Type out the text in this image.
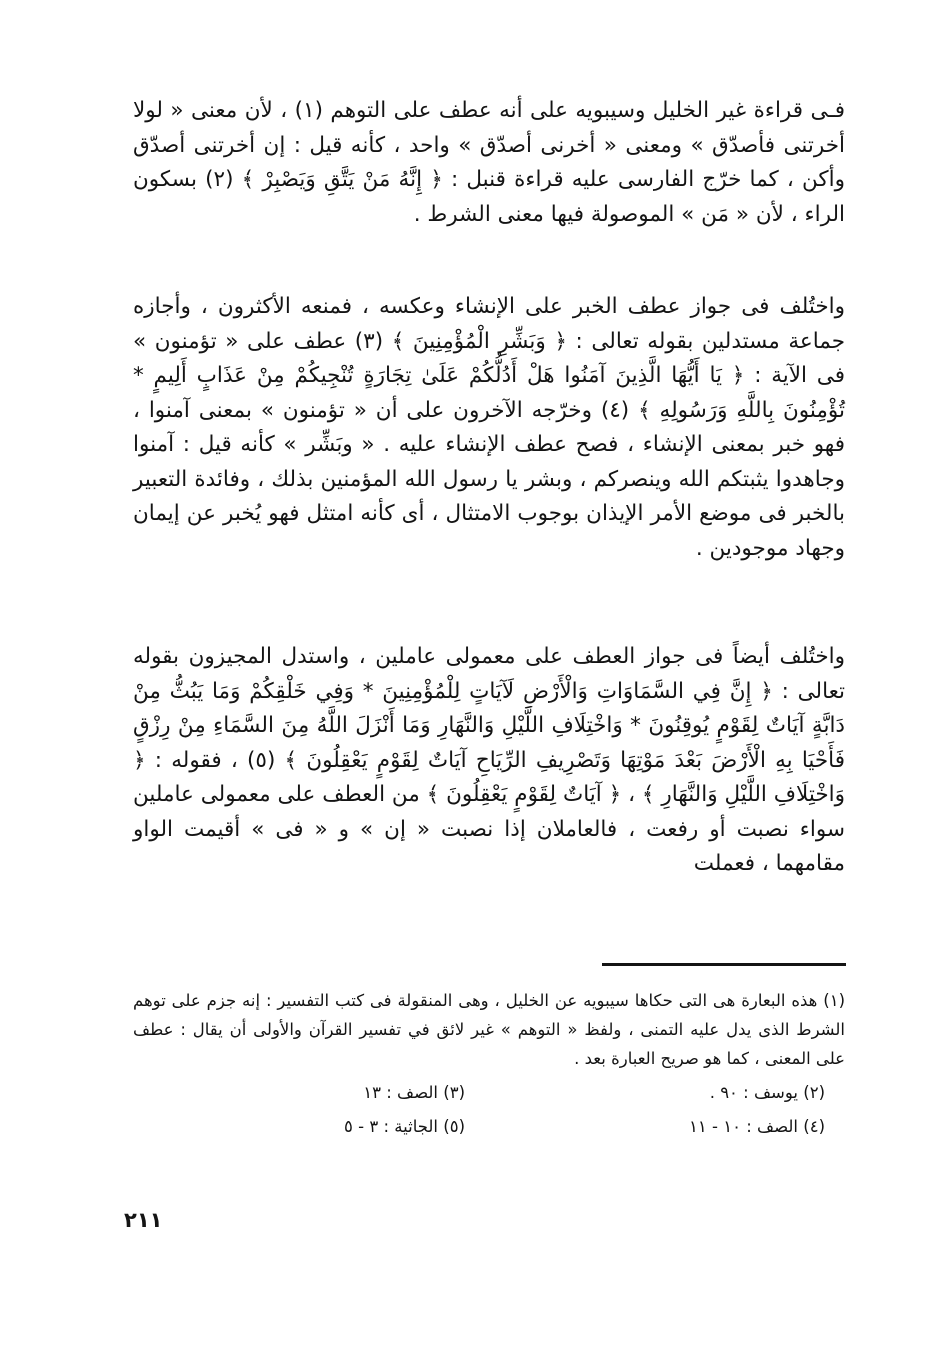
فـى قراءة غير الخليل وسيبويه على أنه عطف على التوهم (١) ، لأن معنى « لولا أخرتنى فأصدّق » ومعنى « أخرنى أصدّق » واحد ، كأنه قيل : إن أخرتنى أصدّق وأكن ، كما خرّج الفارسى عليه قراءة قنبل : ﴿ إِنَّهُ مَنْ يَتَّقِ وَيَصْبِرْ ﴾ (٢) بسكون الراء ، لأن « مَن » الموصولة فيها معنى الشرط .

واختُلف فى جواز عطف الخبر على الإنشاء وعكسه ، فمنعه الأكثرون ، وأجازه جماعة مستدلين بقوله تعالى : ﴿ وَبَشِّرِ الْمُؤْمِنِينَ ﴾ (٣) عطف على « تؤمنون » فى الآية : ﴿ يَا أَيُّهَا الَّذِينَ آمَنُوا هَلْ أَدُلُّكُمْ عَلَىٰ تِجَارَةٍ تُنْجِيكُمْ مِنْ عَذَابٍ أَلِيمٍ * تُؤْمِنُونَ بِاللَّهِ وَرَسُولِهِ ﴾ (٤) وخرّجه الآخرون على أن « تؤمنون » بمعنى آمنوا ، فهو خبر بمعنى الإنشاء ، فصح عطف الإنشاء عليه . « وبَشِّر » كأنه قيل : آمنوا وجاهدوا يثبتكم الله وينصركم ، وبشر يا رسول الله المؤمنين بذلك ، وفائدة التعبير بالخبر فى موضع الأمر الإيذان بوجوب الامتثال ، أى كأنه امتثل فهو يُخبر عن إيمان وجهاد موجودين .

واختُلف أيضاً فى جواز العطف على معمولى عاملين ، واستدل المجيزون بقوله تعالى : ﴿ إِنَّ فِي السَّمَاوَاتِ وَالْأَرْضِ لَآيَاتٍ لِلْمُؤْمِنِينَ * وَفِي خَلْقِكُمْ وَمَا يَبُثُّ مِنْ دَابَّةٍ آيَاتٌ لِقَوْمٍ يُوقِنُونَ * وَاخْتِلَافِ اللَّيْلِ وَالنَّهَارِ وَمَا أَنْزَلَ اللَّهُ مِنَ السَّمَاءِ مِنْ رِزْقٍ فَأَحْيَا بِهِ الْأَرْضَ بَعْدَ مَوْتِهَا وَتَصْرِيفِ الرِّيَاحِ آيَاتٌ لِقَوْمٍ يَعْقِلُونَ ﴾ (٥) ، فقوله : ﴿ وَاخْتِلَافِ اللَّيْلِ وَالنَّهَارِ ﴾ ، ﴿ آيَاتٌ لِقَوْمٍ يَعْقِلُونَ ﴾ من العطف على معمولى عاملين سواء نصبت أو رفعت ، فالعاملان إذا نصبت « إن » و « فى » أقيمت الواو مقامهما ، فعملت

(١) هذه البعارة هى التى حكاها سيبويه عن الخليل ، وهى المنقولة فى كتب التفسير : إنه جزم على توهم الشرط الذى يدل عليه التمنى ، ولفظ « التوهم » غير لائق في تفسير القرآن والأولى أن يقال : عطف على المعنى ، كما هو صريح العبارة بعد .

(٢) يوسف : ٩٠ .
(٣) الصف : ١٣
(٤) الصف : ١٠ - ١١
(٥) الجاثية : ٣ - ٥
٢١١
